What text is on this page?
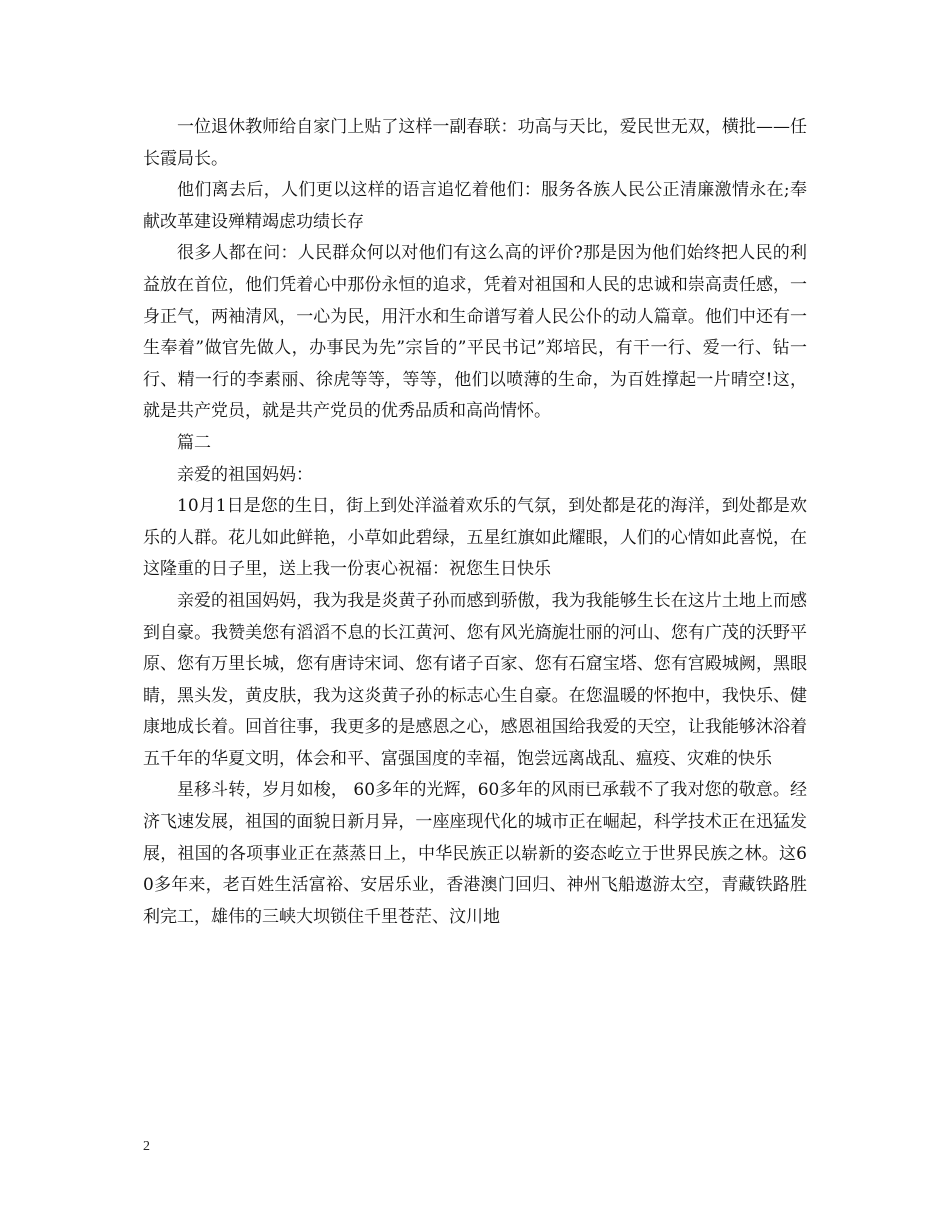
一位退休教师给自家门上贴了这样一副春联：功高与天比，爱民世无双，横批——任长霞局长。

他们离去后，人们更以这样的语言追忆着他们：服务各族人民公正清廉激情永在;奉献改革建设殚精竭虑功绩长存

很多人都在问：人民群众何以对他们有这么高的评价?那是因为他们始终把人民的利益放在首位，他们凭着心中那份永恒的追求，凭着对祖国和人民的忠诚和崇高责任感，一身正气，两袖清风，一心为民，用汗水和生命谱写着人民公仆的动人篇章。他们中还有一生奉着”做官先做人，办事民为先”宗旨的”平民书记”郑培民，有干一行、爱一行、钻一行、精一行的李素丽、徐虎等等，等等，他们以喷薄的生命，为百姓撑起一片晴空!这，就是共产党员，就是共产党员的优秀品质和高尚情怀。

篇二

亲爱的祖国妈妈：

10月1日是您的生日，街上到处洋溢着欢乐的气氛，到处都是花的海洋，到处都是欢乐的人群。花儿如此鲜艳，小草如此碧绿，五星红旗如此耀眼，人们的心情如此喜悦，在这隆重的日子里，送上我一份衷心祝福：祝您生日快乐

亲爱的祖国妈妈，我为我是炎黄子孙而感到骄傲，我为我能够生长在这片土地上而感到自豪。我赞美您有滔滔不息的长江黄河、您有风光旖旎壮丽的河山、您有广茂的沃野平原、您有万里长城，您有唐诗宋词、您有诸子百家、您有石窟宝塔、您有宫殿城阙，黑眼睛，黑头发，黄皮肤，我为这炎黄子孙的标志心生自豪。在您温暖的怀抱中，我快乐、健康地成长着。回首往事，我更多的是感恩之心，感恩祖国给我爱的天空，让我能够沐浴着五千年的华夏文明，体会和平、富强国度的幸福，饱尝远离战乱、瘟疫、灾难的快乐

星移斗转，岁月如梭， 60多年的光辉，60多年的风雨已承载不了我对您的敬意。经济飞速发展，祖国的面貌日新月异，一座座现代化的城市正在崛起，科学技术正在迅猛发展，祖国的各项事业正在蒸蒸日上，中华民族正以崭新的姿态屹立于世界民族之林。这60多年来，老百姓生活富裕、安居乐业，香港澳门回归、神州飞船遨游太空，青藏铁路胜利完工，雄伟的三峡大坝锁住千里苍茫、汶川地

2
